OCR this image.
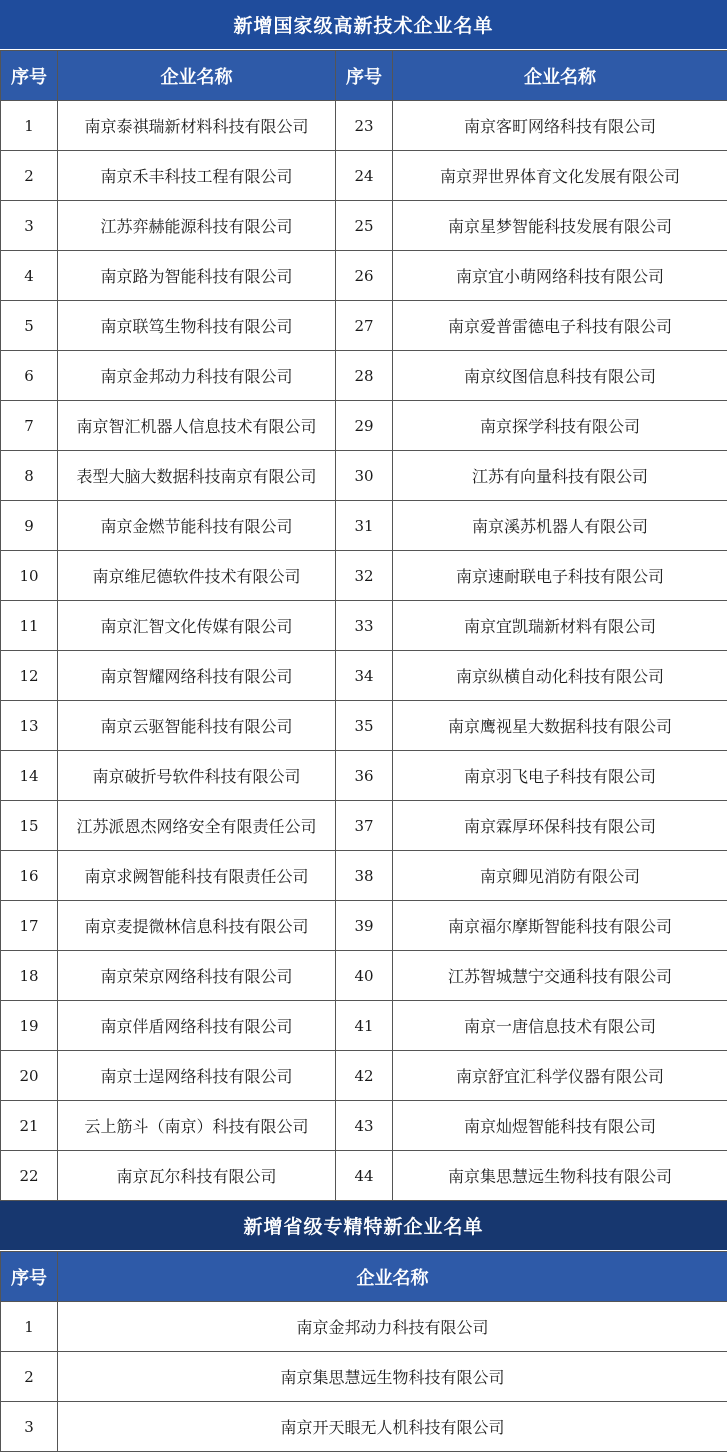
新增国家级高新技术企业名单
序号	企业名称	序号	企业名称
1	南京泰祺瑞新材料科技有限公司	23	南京客町网络科技有限公司
2	南京禾丰科技工程有限公司	24	南京羿世界体育文化发展有限公司
3	江苏弈赫能源科技有限公司	25	南京星梦智能科技发展有限公司
4	南京路为智能科技有限公司	26	南京宜小萌网络科技有限公司
5	南京联笃生物科技有限公司	27	南京爱普雷德电子科技有限公司
6	南京金邦动力科技有限公司	28	南京纹图信息科技有限公司
7	南京智汇机器人信息技术有限公司	29	南京探学科技有限公司
8	表型大脑大数据科技南京有限公司	30	江苏有向量科技有限公司
9	南京金燃节能科技有限公司	31	南京溪苏机器人有限公司
10	南京维尼德软件技术有限公司	32	南京速耐联电子科技有限公司
11	南京汇智文化传媒有限公司	33	南京宜凯瑞新材料有限公司
12	南京智耀网络科技有限公司	34	南京纵横自动化科技有限公司
13	南京云驱智能科技有限公司	35	南京鹰视星大数据科技有限公司
14	南京破折号软件科技有限公司	36	南京羽飞电子科技有限公司
15	江苏派恩杰网络安全有限责任公司	37	南京霖厚环保科技有限公司
16	南京求阙智能科技有限责任公司	38	南京卿见消防有限公司
17	南京麦提微林信息科技有限公司	39	南京福尔摩斯智能科技有限公司
18	南京荣京网络科技有限公司	40	江苏智城慧宁交通科技有限公司
19	南京伴盾网络科技有限公司	41	南京一唐信息技术有限公司
20	南京士逞网络科技有限公司	42	南京舒宜汇科学仪器有限公司
21	云上筋斗（南京）科技有限公司	43	南京灿煜智能科技有限公司
22	南京瓦尔科技有限公司	44	南京集思慧远生物科技有限公司
新增省级专精特新企业名单
序号	企业名称
1	南京金邦动力科技有限公司
2	南京集思慧远生物科技有限公司
3	南京开天眼无人机科技有限公司
